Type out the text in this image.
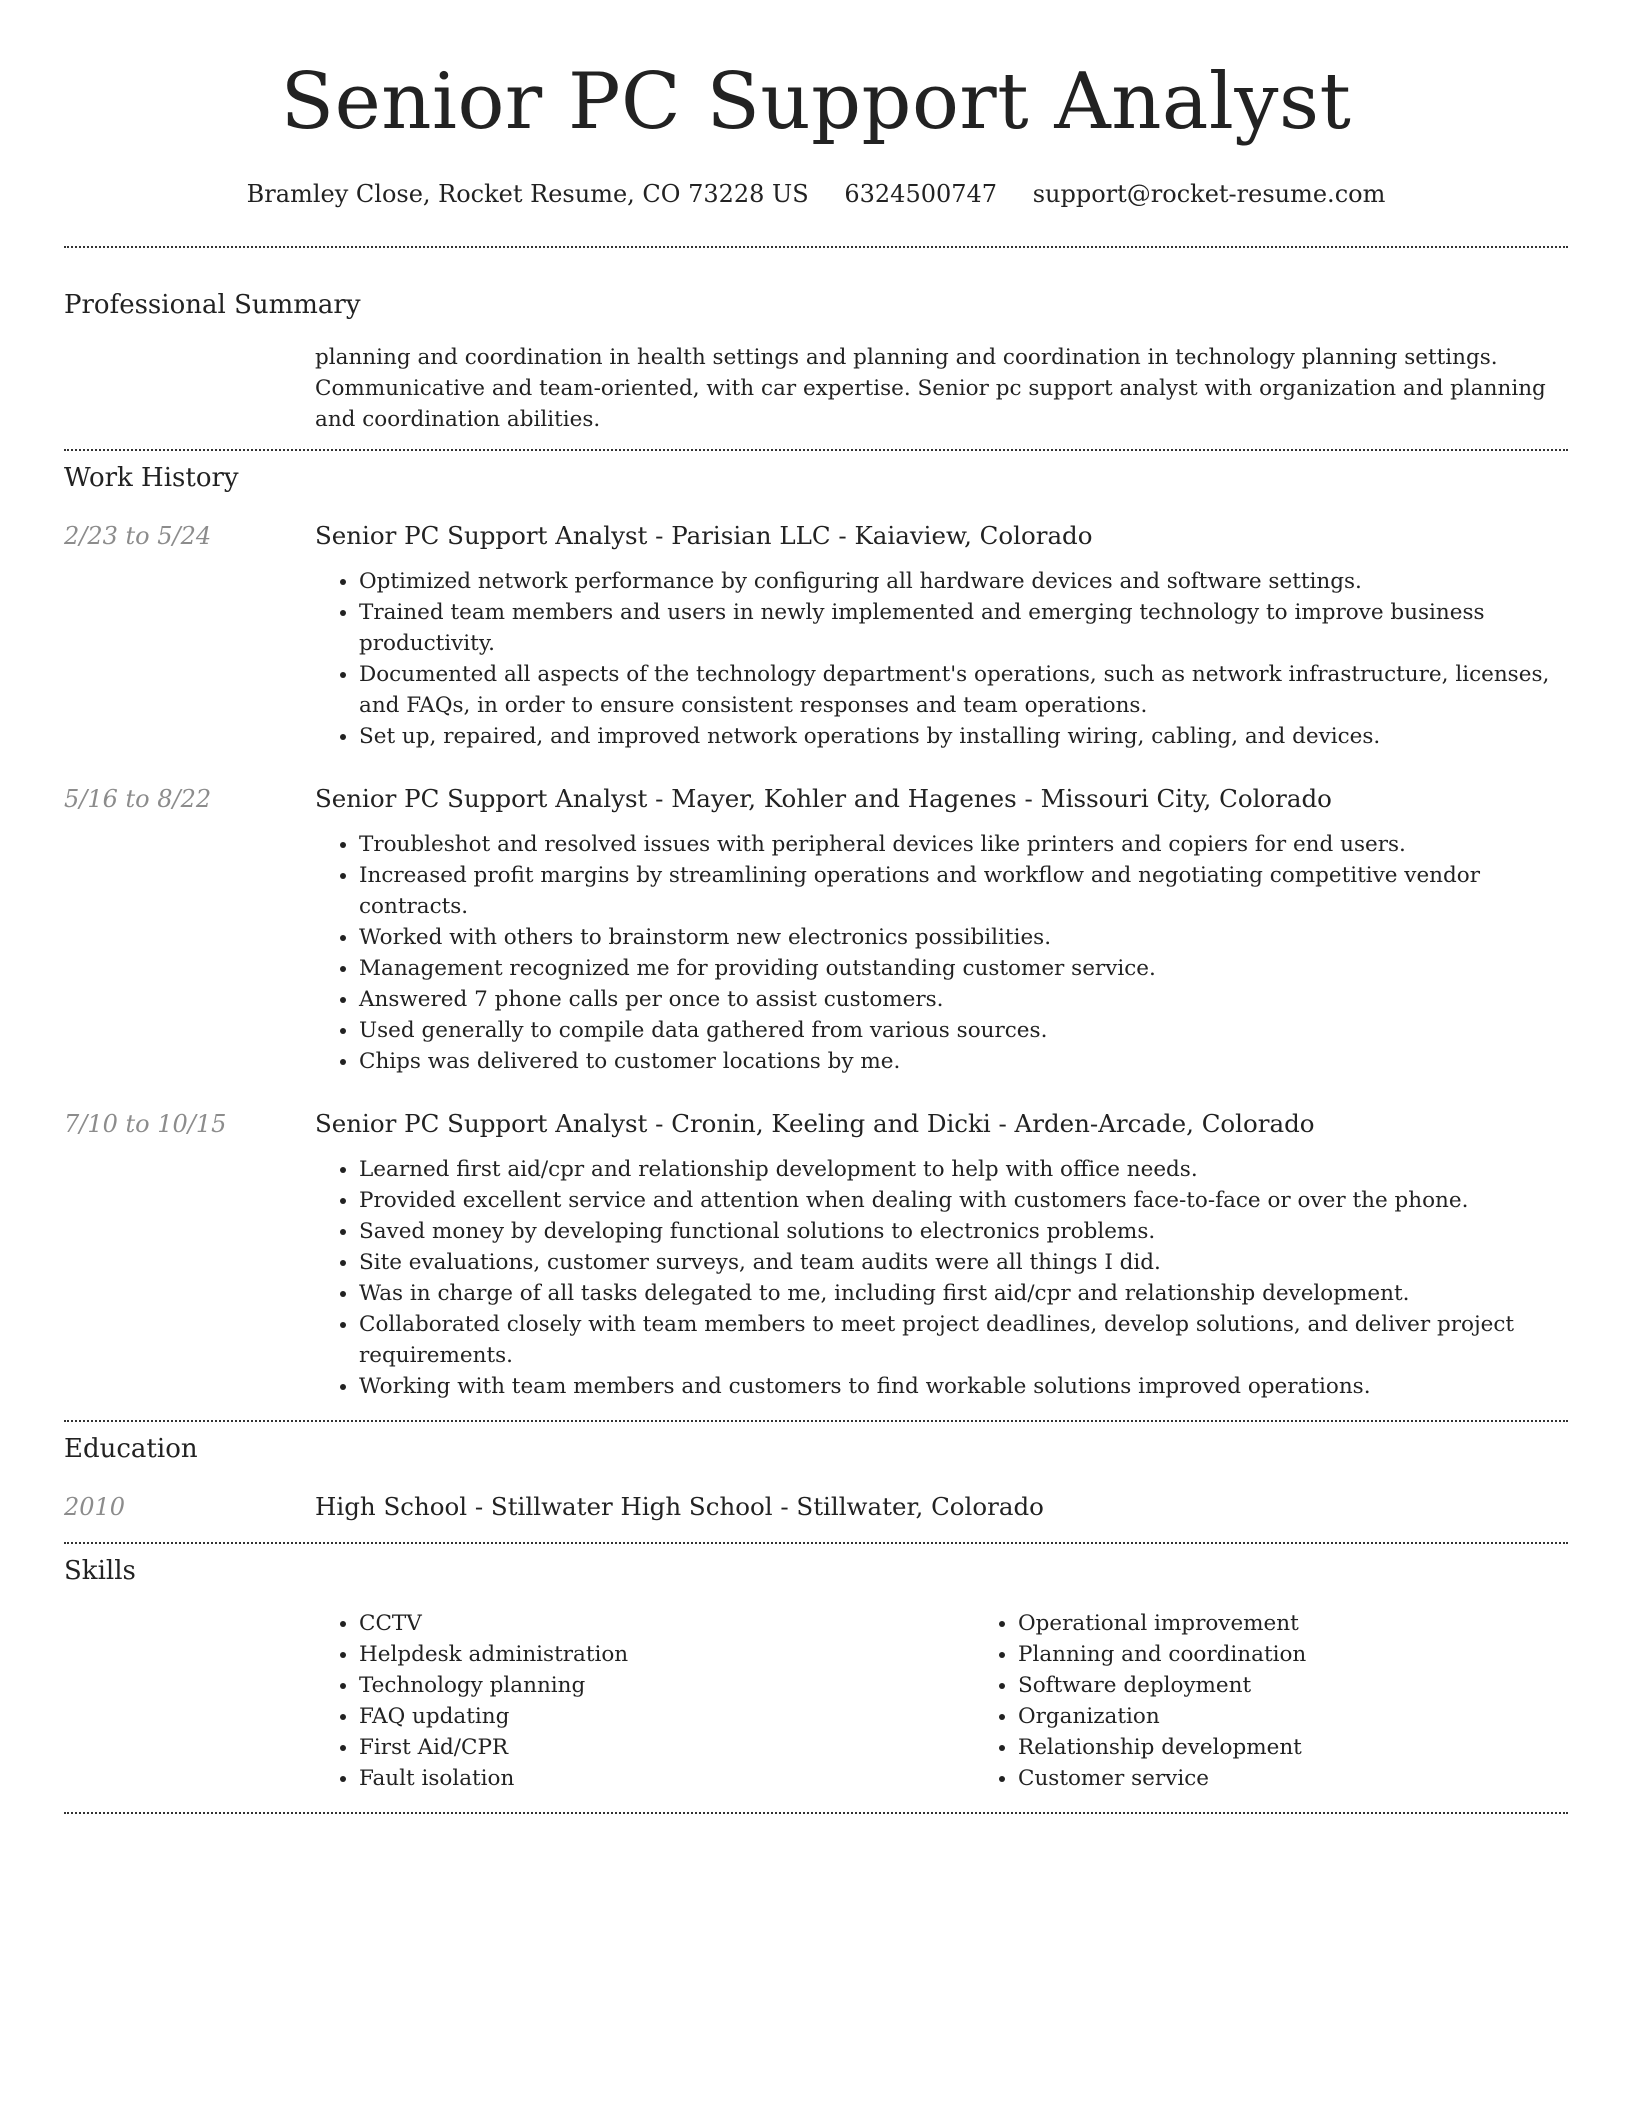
Senior PC Support Analyst
Bramley Close, Rocket Resume, CO 73228 US 6324500747 support@rocket-resume.com
Professional Summary
planning and coordination in health settings and planning and coordination in technology planning settings. Communicative and team-oriented, with car expertise. Senior pc support analyst with organization and planning and coordination abilities.
Work History
2/23 to 5/24	Senior PC Support Analyst - Parisian LLC - Kaiaview, Colorado
• Optimized network performance by configuring all hardware devices and software settings.
• Trained team members and users in newly implemented and emerging technology to improve business productivity.
• Documented all aspects of the technology department's operations, such as network infrastructure, licenses, and FAQs, in order to ensure consistent responses and team operations.
• Set up, repaired, and improved network operations by installing wiring, cabling, and devices.
5/16 to 8/22	Senior PC Support Analyst - Mayer, Kohler and Hagenes - Missouri City, Colorado
• Troubleshot and resolved issues with peripheral devices like printers and copiers for end users.
• Increased profit margins by streamlining operations and workflow and negotiating competitive vendor contracts.
• Worked with others to brainstorm new electronics possibilities.
• Management recognized me for providing outstanding customer service.
• Answered 7 phone calls per once to assist customers.
• Used generally to compile data gathered from various sources.
• Chips was delivered to customer locations by me.
7/10 to 10/15	Senior PC Support Analyst - Cronin, Keeling and Dicki - Arden-Arcade, Colorado
• Learned first aid/cpr and relationship development to help with office needs.
• Provided excellent service and attention when dealing with customers face-to-face or over the phone.
• Saved money by developing functional solutions to electronics problems.
• Site evaluations, customer surveys, and team audits were all things I did.
• Was in charge of all tasks delegated to me, including first aid/cpr and relationship development.
• Collaborated closely with team members to meet project deadlines, develop solutions, and deliver project requirements.
• Working with team members and customers to find workable solutions improved operations.
Education
2010	High School - Stillwater High School - Stillwater, Colorado
Skills
• CCTV
• Helpdesk administration
• Technology planning
• FAQ updating
• First Aid/CPR
• Fault isolation
• Operational improvement
• Planning and coordination
• Software deployment
• Organization
• Relationship development
• Customer service
